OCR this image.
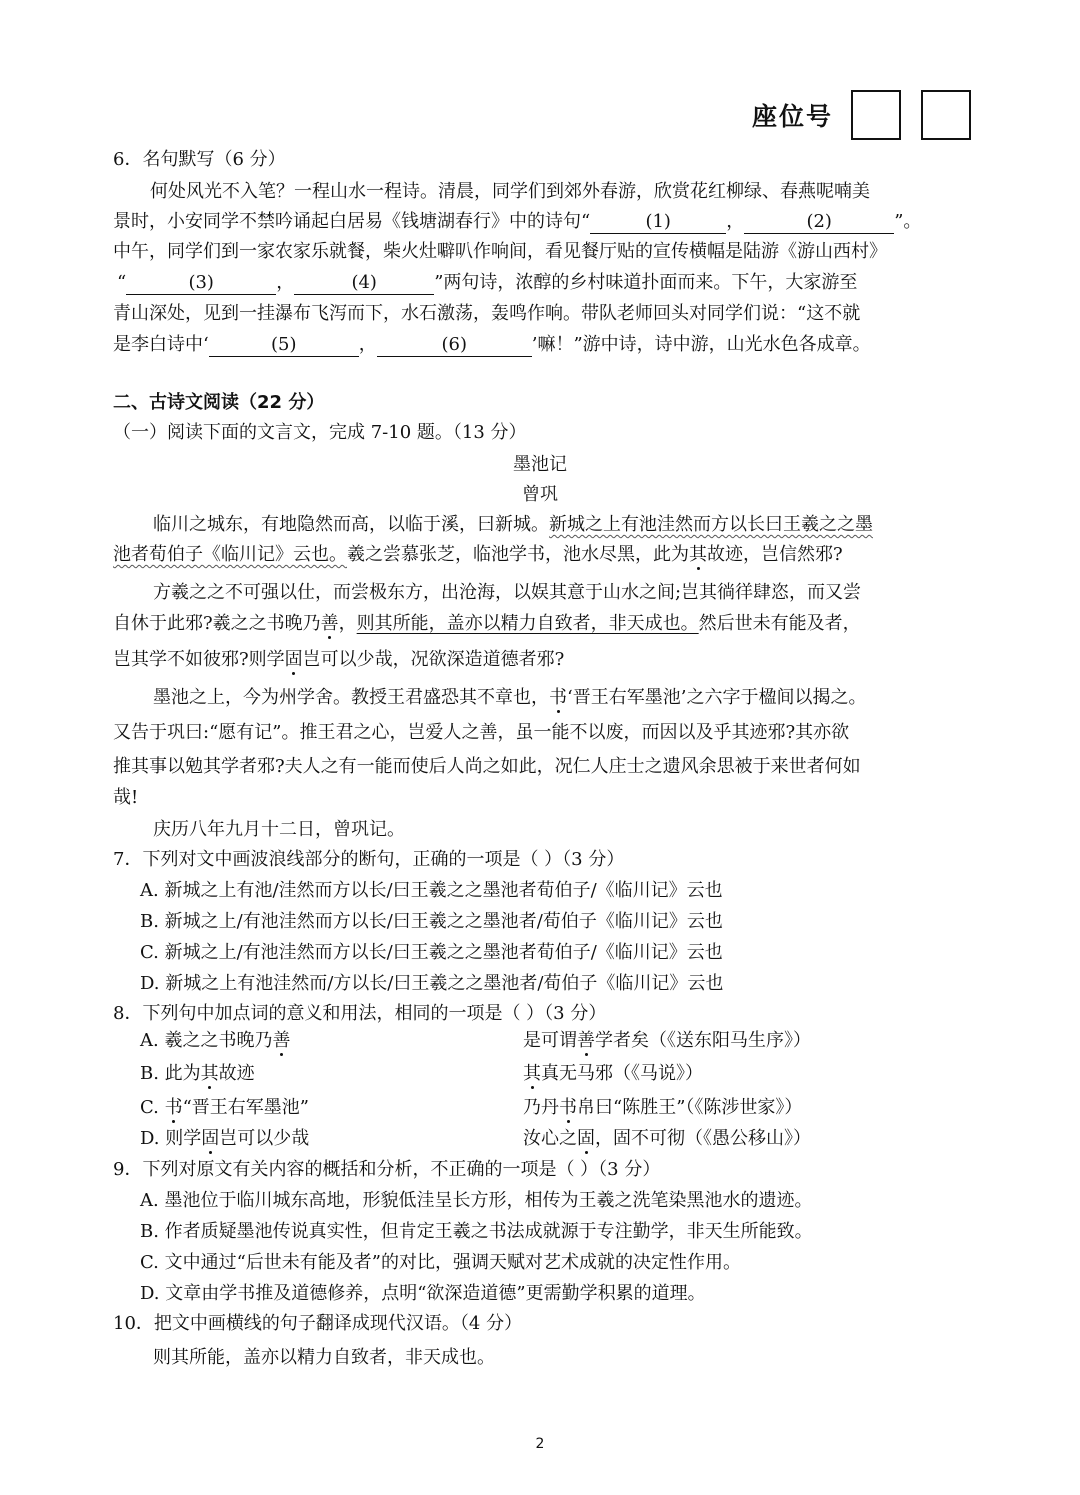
座位号
6．名句默写（6 分）
何处风光不入笔？一程山水一程诗。清晨，同学们到郊外春游，欣赏花红柳绿、春燕呢喃美
景时，小安同学不禁吟诵起白居易《钱塘湖春行》中的诗句“	(1)	，	(2)	”。
中午，同学们到一家农家乐就餐，柴火灶噼叭作响间，看见餐厅贴的宣传横幅是陆游《游山西村》
“	(3)	，	(4)	”两句诗，浓醇的乡村味道扑面而来。下午，大家游至
青山深处，见到一挂瀑布飞泻而下，水石激荡，轰鸣作响。带队老师回头对同学们说：“这不就
是李白诗中‘	(5)	，	(6)	’嘛！”游中诗，诗中游，山光水色各成章。
二、古诗文阅读（22 分）
（一）阅读下面的文言文，完成 7-10 题。（13 分）
墨池记
曾巩
临川之城东，有地隐然而高，以临于溪，曰新城。新城之上有池洼然而方以长曰王羲之之墨
池者荀伯子《临川记》云也。羲之尝慕张芝，临池学书，池水尽黑，此为其故迹，岂信然邪?
方羲之之不可强以仕，而尝极东方，出沧海，以娱其意于山水之间;岂其徜徉肆恣，而又尝
自休于此邪?羲之之书晚乃善，则其所能，盖亦以精力自致者，非天成也。然后世未有能及者，
岂其学不如彼邪?则学固岂可以少哉，况欲深造道德者邪?
墨池之上，今为州学舍。教授王君盛恐其不章也，书‘晋王右军墨池’之六字于楹间以揭之。
又告于巩曰:“愿有记”。推王君之心，岂爱人之善，虽一能不以废，而因以及乎其迹邪?其亦欲
推其事以勉其学者邪?夫人之有一能而使后人尚之如此，况仁人庄士之遗风余思被于来世者何如
哉!
庆历八年九月十二日，曾巩记。
7．下列对文中画波浪线部分的断句，正确的一项是（ ）（3 分）
A. 新城之上有池/洼然而方以长/曰王羲之之墨池者荀伯子/《临川记》云也
B. 新城之上/有池洼然而方以长/曰王羲之之墨池者/荀伯子《临川记》云也
C. 新城之上/有池洼然而方以长/曰王羲之之墨池者荀伯子/《临川记》云也
D. 新城之上有池洼然而/方以长/曰王羲之之墨池者/荀伯子《临川记》云也
8．下列句中加点词的意义和用法，相同的一项是（ ）（3 分）
A. 羲之之书晚乃善	是可谓善学者矣（《送东阳马生序》）
B. 此为其故迹	其真无马邪（《马说》）
C. 书“晋王右军墨池”	乃丹书帛曰“陈胜王”（《陈涉世家》）
D. 则学固岂可以少哉	汝心之固，固不可彻（《愚公移山》）
9．下列对原文有关内容的概括和分析，不正确的一项是（ ）（3 分）
A. 墨池位于临川城东高地，形貌低洼呈长方形，相传为王羲之洗笔染黑池水的遗迹。
B. 作者质疑墨池传说真实性，但肯定王羲之书法成就源于专注勤学，非天生所能致。
C. 文中通过“后世未有能及者”的对比，强调天赋对艺术成就的决定性作用。
D. 文章由学书推及道德修养，点明“欲深造道德”更需勤学积累的道理。
10．把文中画横线的句子翻译成现代汉语。（4 分）
则其所能，盖亦以精力自致者，非天成也。
2
